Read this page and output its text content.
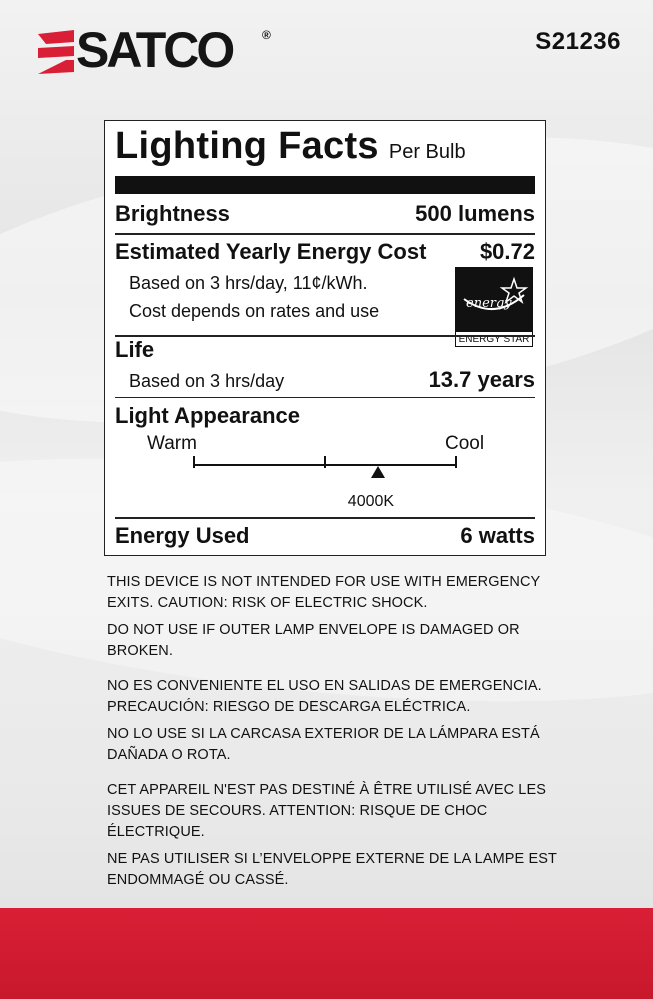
SATCO ®	S21236
Lighting Facts Per Bulb
Brightness	500 lumens
Estimated Yearly Energy Cost $0.72
Based on 3 hrs/day, 11¢/kWh.
Cost depends on rates and use	energy
ENERGY STAR
Life
Based on 3 hrs/day	13.7 years
Light Appearance
Warm	Cool
4000K
Energy Used	6 watts

THIS DEVICE IS NOT INTENDED FOR USE WITH EMERGENCY EXITS. CAUTION: RISK OF ELECTRIC SHOCK.

DO NOT USE IF OUTER LAMP ENVELOPE IS DAMAGED OR BROKEN.

NO ES CONVENIENTE EL USO EN SALIDAS DE EMERGENCIA. PRECAUCIÓN: RIESGO DE DESCARGA ELÉCTRICA.

NO LO USE SI LA CARCASA EXTERIOR DE LA LÁMPARA ESTÁ DAÑADA O ROTA.

CET APPAREIL N'EST PAS DESTINÉ À ÊTRE UTILISÉ AVEC LES ISSUES DE SECOURS. ATTENTION: RISQUE DE CHOC ÉLECTRIQUE.

NE PAS UTILISER SI L’ENVELOPPE EXTERNE DE LA LAMPE EST ENDOMMAGÉ OU CASSÉ.
